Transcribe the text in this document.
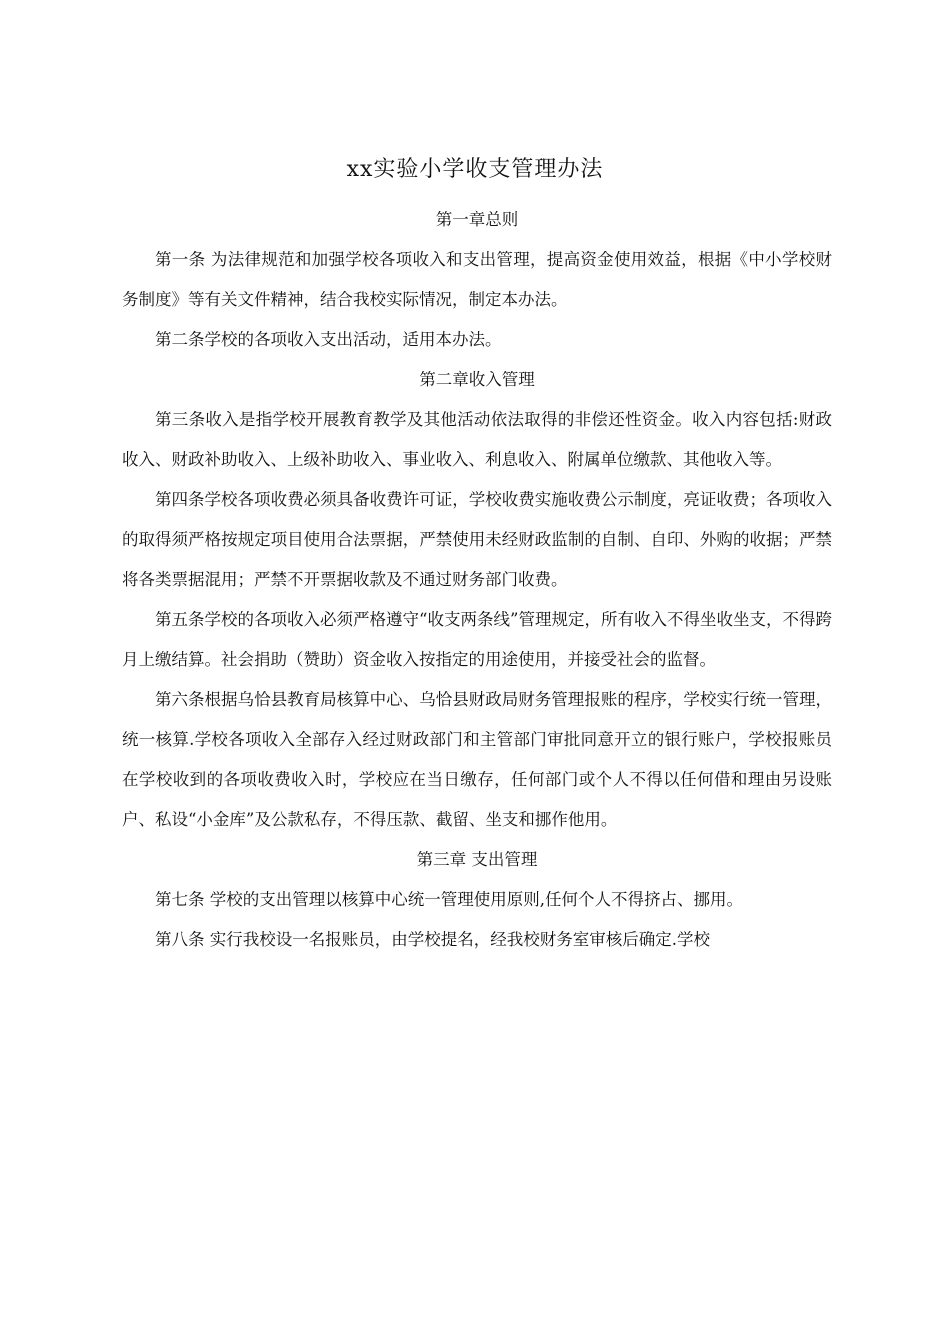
xx实验小学收支管理办法

第一章总则

第一条 为法律规范和加强学校各项收入和支出管理，提高资金使用效益，根据《中小学校财务制度》等有关文件精神，结合我校实际情况，制定本办法。

第二条学校的各项收入支出活动，适用本办法。

第二章收入管理

第三条收入是指学校开展教育教学及其他活动依法取得的非偿还性资金。收入内容包括:财政收入、财政补助收入、上级补助收入、事业收入、利息收入、附属单位缴款、其他收入等。

第四条学校各项收费必须具备收费许可证，学校收费实施收费公示制度，亮证收费；各项收入的取得须严格按规定项目使用合法票据，严禁使用未经财政监制的自制、自印、外购的收据；严禁将各类票据混用；严禁不开票据收款及不通过财务部门收费。

第五条学校的各项收入必须严格遵守“收支两条线”管理规定，所有收入不得坐收坐支，不得跨月上缴结算。社会捐助（赞助）资金收入按指定的用途使用，并接受社会的监督。

第六条根据乌恰县教育局核算中心、乌恰县财政局财务管理报账的程序，学校实行统一管理，统一核算.学校各项收入全部存入经过财政部门和主管部门审批同意开立的银行账户，学校报账员在学校收到的各项收费收入时，学校应在当日缴存，任何部门或个人不得以任何借和理由另设账户、私设“小金库”及公款私存，不得压款、截留、坐支和挪作他用。

第三章 支出管理

第七条 学校的支出管理以核算中心统一管理使用原则,任何个人不得挤占、挪用。

第八条 实行我校设一名报账员，由学校提名，经我校财务室审核后确定.学校
